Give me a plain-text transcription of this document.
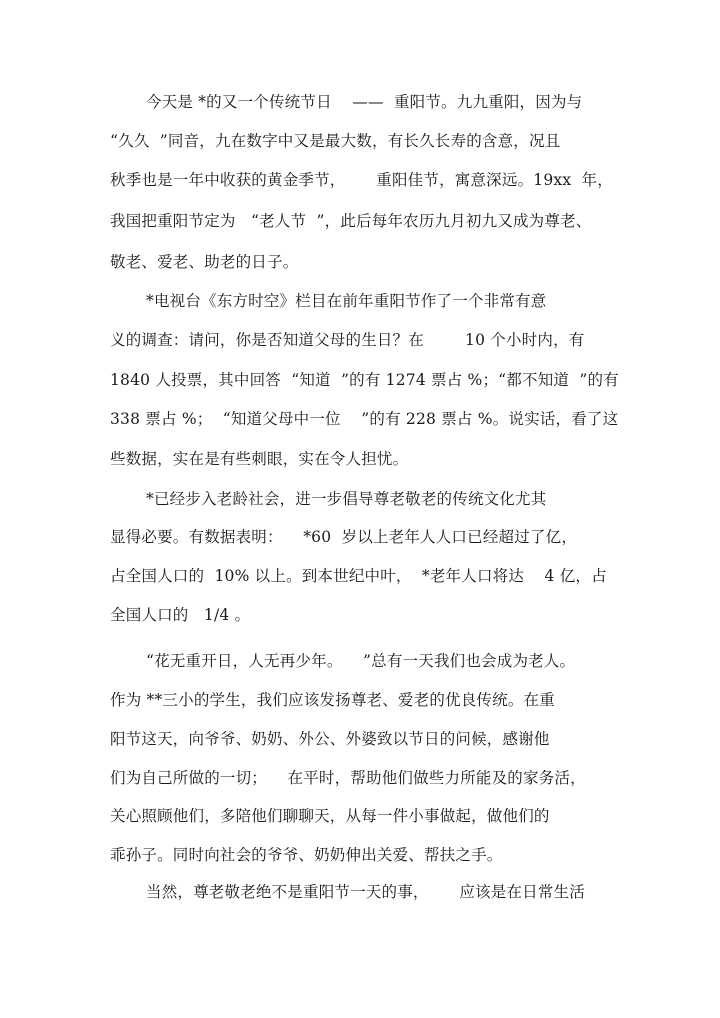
今天是 *的又一个传统节日    ——  重阳节。九九重阳，因为与
“久久  ”同音，九在数字中又是最大数，有长久长寿的含意，况且
秋季也是一年中收获的黄金季节，      重阳佳节，寓意深远。19xx  年，
我国把重阳节定为   “老人节  ”，此后每年农历九月初九又成为尊老、
敬老、爱老、助老的日子。
*电视台《东方时空》栏目在前年重阳节作了一个非常有意
义的调查：请问，你是否知道父母的生日？在        10 个小时内，有
1840 人投票，其中回答  “知道  ”的有 1274 票占 %；“都不知道  ”的有
338 票占 %；  “知道父母中一位    ”的有 228 票占 %。说实话，看了这
些数据，实在是有些刺眼，实在令人担忧。
*已经步入老龄社会，进一步倡导尊老敬老的传统文化尤其
显得必要。有数据表明：    *60  岁以上老年人人口已经超过了亿，
占全国人口的  10% 以上。到本世纪中叶，  *老年人口将达    4 亿，占
全国人口的   1/4 。
“花无重开日，人无再少年。    ”总有一天我们也会成为老人。
作为 **三小的学生，我们应该发扬尊老、爱老的优良传统。在重
阳节这天，向爷爷、奶奶、外公、外婆致以节日的问候，感谢他
们为自己所做的一切；    在平时，帮助他们做些力所能及的家务活，
关心照顾他们，多陪他们聊聊天，从每一件小事做起，做他们的
乖孙子。同时向社会的爷爷、奶奶伸出关爱、帮扶之手。
当然，尊老敬老绝不是重阳节一天的事，      应该是在日常生活
